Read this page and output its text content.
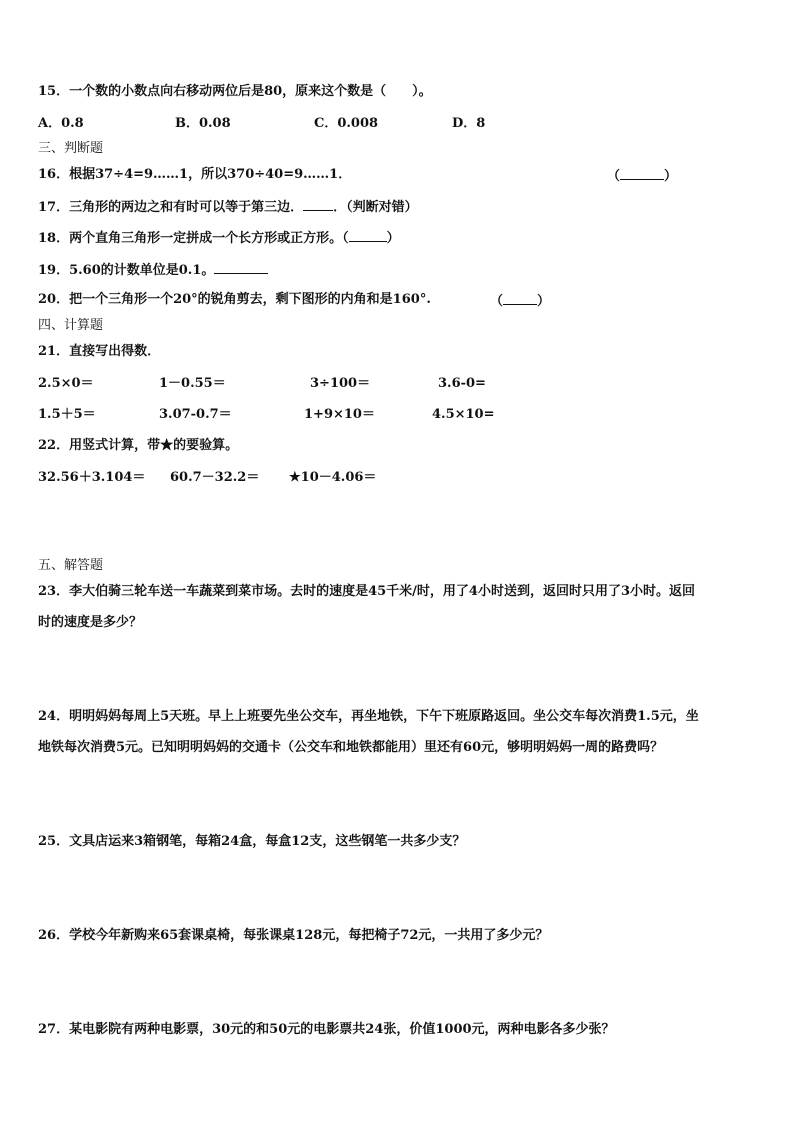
15．一个数的小数点向右移动两位后是80，原来这个数是（　　）。
A．0.8	B．0.08	C．0.008	D．8
三、判断题
16．根据37÷4=9……1，所以370÷40=9……1．	（	）
17．三角形的两边之和有时可以等于第三边． ．（判断对错）
18．两个直角三角形一定拼成一个长方形或正方形。（	）
19．5.60的计数单位是0.1。
20．把一个三角形一个20°的锐角剪去，剩下图形的内角和是160°.	（	）
四、计算题
21．直接写出得数．
2.5×0＝	1－0.55＝	3÷100＝	3.6-0=
1.5＋5＝	3.07-0.7＝	1+9×10＝	4.5×10=
22．用竖式计算，带★的要验算。
32.56＋3.104＝ 60.7－32.2＝ ★10－4.06＝
五、解答题
23．李大伯骑三轮车送一车蔬菜到菜市场。去时的速度是45千米/时，用了4小时送到，返回时只用了3小时。返回
时的速度是多少？
24．明明妈妈每周上5天班。早上上班要先坐公交车，再坐地铁，下午下班原路返回。坐公交车每次消费1.5元，坐
地铁每次消费5元。已知明明妈妈的交通卡（公交车和地铁都能用）里还有60元，够明明妈妈一周的路费吗？
25．文具店运来3箱钢笔，每箱24盒，每盒12支，这些钢笔一共多少支？
26．学校今年新购来65套课桌椅，每张课桌128元，每把椅子72元，一共用了多少元？
27．某电影院有两种电影票，30元的和50元的电影票共24张，价值1000元，两种电影各多少张？
